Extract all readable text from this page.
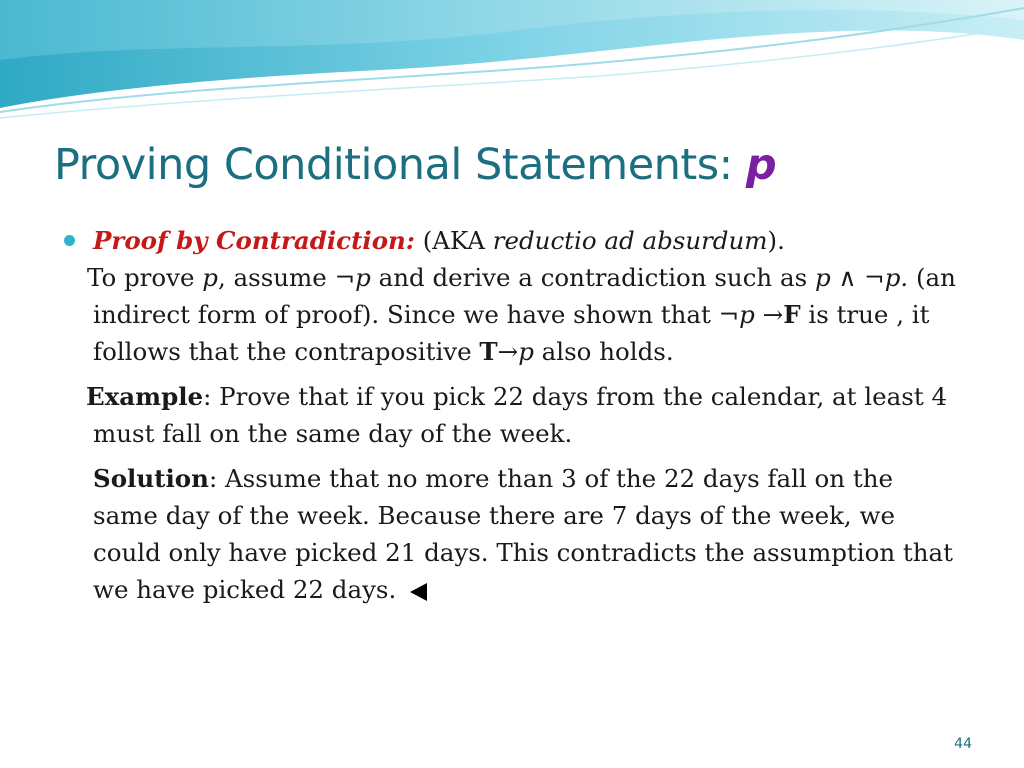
Proving Conditional Statements: p
Proof by Contradiction: (AKA reductio ad absurdum).
To prove p, assume ¬p and derive a contradiction such as p ∧ ¬p. (an indirect form of proof). Since we have shown that ¬p →F is true , it follows that the contrapositive T→p also holds.
Example: Prove that if you pick 22 days from the calendar, at least 4 must fall on the same day of the week.
Solution: Assume that no more than 3 of the 22 days fall on the same day of the week. Because there are 7 days of the week, we could only have picked 21 days. This contradicts the assumption that we have picked 22 days.
44
